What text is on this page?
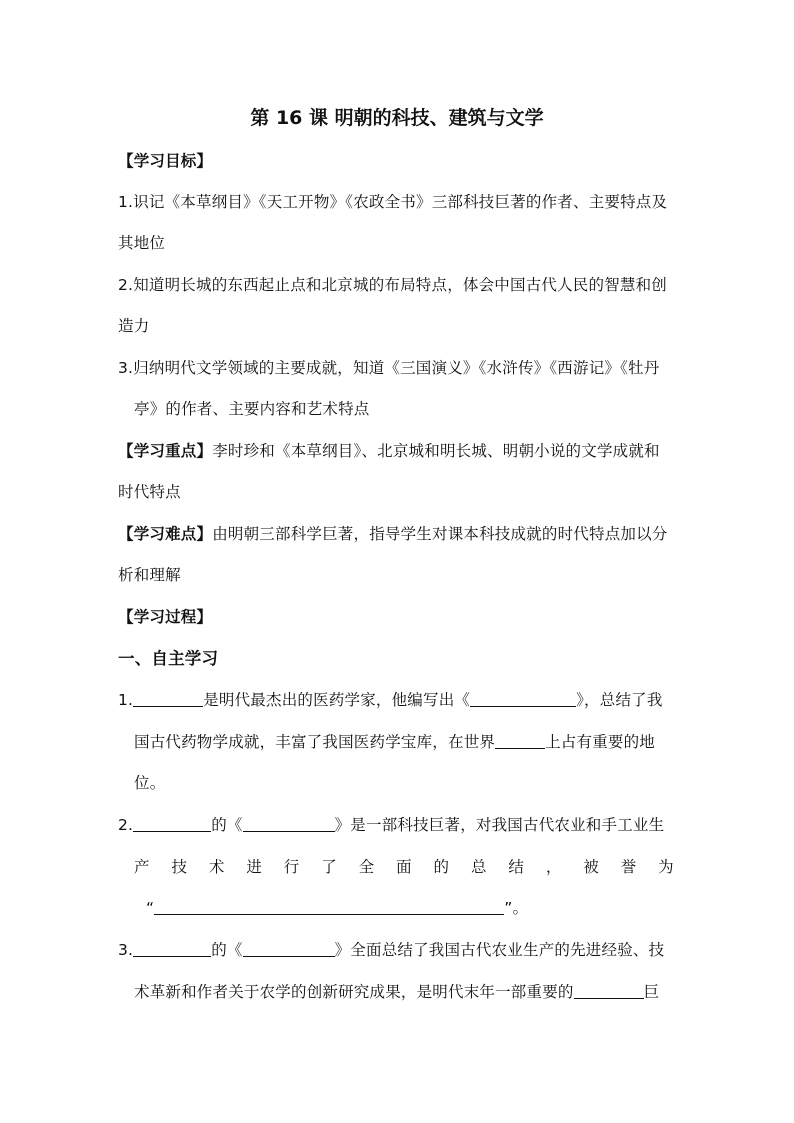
第 16 课 明朝的科技、建筑与文学
【学习目标】
1.识记《本草纲目》《天工开物》《农政全书》三部科技巨著的作者、主要特点及
其地位
2.知道明长城的东西起止点和北京城的布局特点，体会中国古代人民的智慧和创
造力
3.归纳明代文学领域的主要成就，知道《三国演义》《水浒传》《西游记》《牡丹
亭》的作者、主要内容和艺术特点
【学习重点】李时珍和《本草纲目》、北京城和明长城、明朝小说的文学成就和
时代特点
【学习难点】由明朝三部科学巨著，指导学生对课本科技成就的时代特点加以分
析和理解
【学习过程】
一、自主学习
1.	是明代最杰出的医药学家，他编写出《	》，总结了我
国古代药物学成就，丰富了我国医药学宝库，在世界	上占有重要的地
位。
2.	的《	》是一部科技巨著，对我国古代农业和手工业生
产 技 术 进 行 了 全 面 的 总 结 ， 被 誉 为
“	”。
3.	的《	》全面总结了我国古代农业生产的先进经验、技
术革新和作者关于农学的创新研究成果，是明代末年一部重要的	巨
